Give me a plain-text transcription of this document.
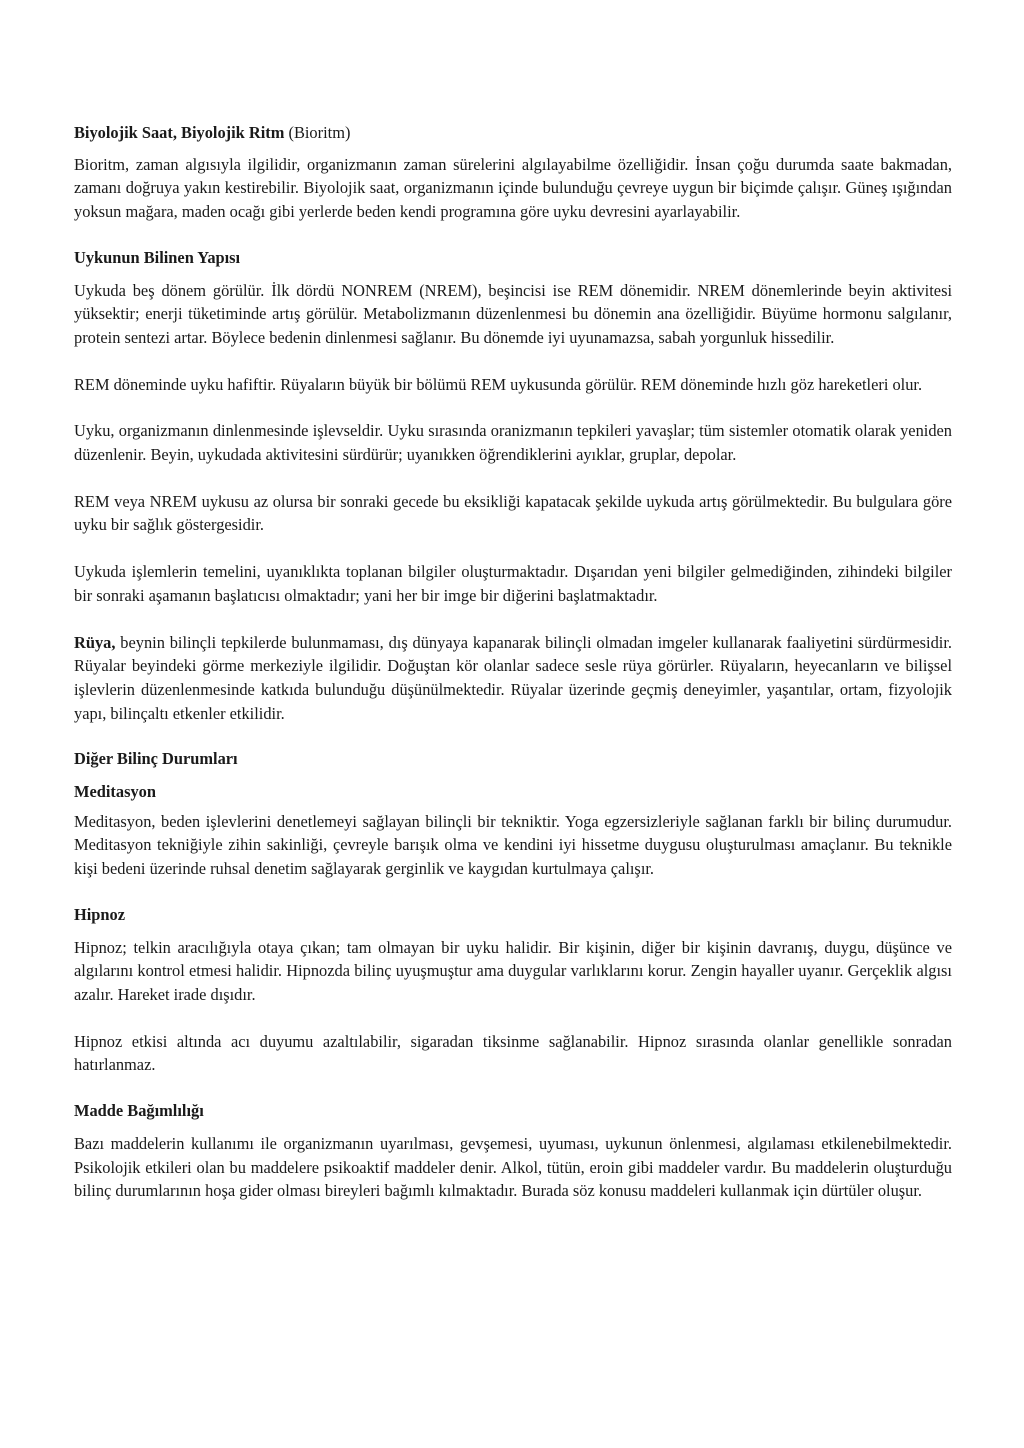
Biyolojik Saat, Biyolojik Ritm (Bioritm)

Bioritm, zaman algısıyla ilgilidir, organizmanın zaman sürelerini algılayabilme özelliğidir. İnsan çoğu durumda saate bakmadan, zamanı doğruya yakın kestirebilir. Biyolojik saat, organizmanın içinde bulunduğu çevreye uygun bir biçimde çalışır. Güneş ışığından yoksun mağara, maden ocağı gibi yerlerde beden kendi programına göre uyku devresini ayarlayabilir.

Uykunun Bilinen Yapısı

Uykuda beş dönem görülür. İlk dördü NONREM (NREM), beşincisi ise REM dönemidir. NREM dönemlerinde beyin aktivitesi yüksektir; enerji tüketiminde artış görülür. Metabolizmanın düzenlenmesi bu dönemin ana özelliğidir. Büyüme hormonu salgılanır, protein sentezi artar. Böylece bedenin dinlenmesi sağlanır. Bu dönemde iyi uyunamazsa, sabah yorgunluk hissedilir.

REM döneminde uyku hafiftir. Rüyaların büyük bir bölümü REM uykusunda görülür. REM döneminde hızlı göz hareketleri olur.

Uyku, organizmanın dinlenmesinde işlevseldir. Uyku sırasında oranizmanın tepkileri yavaşlar; tüm sistemler otomatik olarak yeniden düzenlenir. Beyin, uykudada aktivitesini sürdürür; uyanıkken öğrendiklerini ayıklar, gruplar, depolar.

REM veya NREM uykusu az olursa bir sonraki gecede bu eksikliği kapatacak şekilde uykuda artış görülmektedir. Bu bulgulara göre uyku bir sağlık göstergesidir.

Uykuda işlemlerin temelini, uyanıklıkta toplanan bilgiler oluşturmaktadır. Dışarıdan yeni bilgiler gelmediğinden, zihindeki bilgiler bir sonraki aşamanın başlatıcısı olmaktadır; yani her bir imge bir diğerini başlatmaktadır.

Rüya, beynin bilinçli tepkilerde bulunmaması, dış dünyaya kapanarak bilinçli olmadan imgeler kullanarak faaliyetini sürdürmesidir. Rüyalar beyindeki görme merkeziyle ilgilidir. Doğuştan kör olanlar sadece sesle rüya görürler. Rüyaların, heyecanların ve bilişsel işlevlerin düzenlenmesinde katkıda bulunduğu düşünülmektedir. Rüyalar üzerinde geçmiş deneyimler, yaşantılar, ortam, fizyolojik yapı, bilinçaltı etkenler etkilidir.

Diğer Bilinç Durumları
Meditasyon

Meditasyon, beden işlevlerini denetlemeyi sağlayan bilinçli bir tekniktir. Yoga egzersizleriyle sağlanan farklı bir bilinç durumudur. Meditasyon tekniğiyle zihin sakinliği, çevreyle barışık olma ve kendini iyi hissetme duygusu oluşturulması amaçlanır. Bu teknikle kişi bedeni üzerinde ruhsal denetim sağlayarak gerginlik ve kaygıdan kurtulmaya çalışır.

Hipnoz

Hipnoz; telkin aracılığıyla otaya çıkan; tam olmayan bir uyku halidir. Bir kişinin, diğer bir kişinin davranış, duygu, düşünce ve algılarını kontrol etmesi halidir. Hipnozda bilinç uyuşmuştur ama duygular varlıklarını korur. Zengin hayaller uyanır. Gerçeklik algısı azalır. Hareket irade dışıdır.

Hipnoz etkisi altında acı duyumu azaltılabilir, sigaradan tiksinme sağlanabilir. Hipnoz sırasında olanlar genellikle sonradan hatırlanmaz.

Madde Bağımlılığı

Bazı maddelerin kullanımı ile organizmanın uyarılması, gevşemesi, uyuması, uykunun önlenmesi, algılaması etkilenebilmektedir. Psikolojik etkileri olan bu maddelere psikoaktif maddeler denir. Alkol, tütün, eroin gibi maddeler vardır. Bu maddelerin oluşturduğu bilinç durumlarının hoşa gider olması bireyleri bağımlı kılmaktadır. Burada söz konusu maddeleri kullanmak için dürtüler oluşur.
